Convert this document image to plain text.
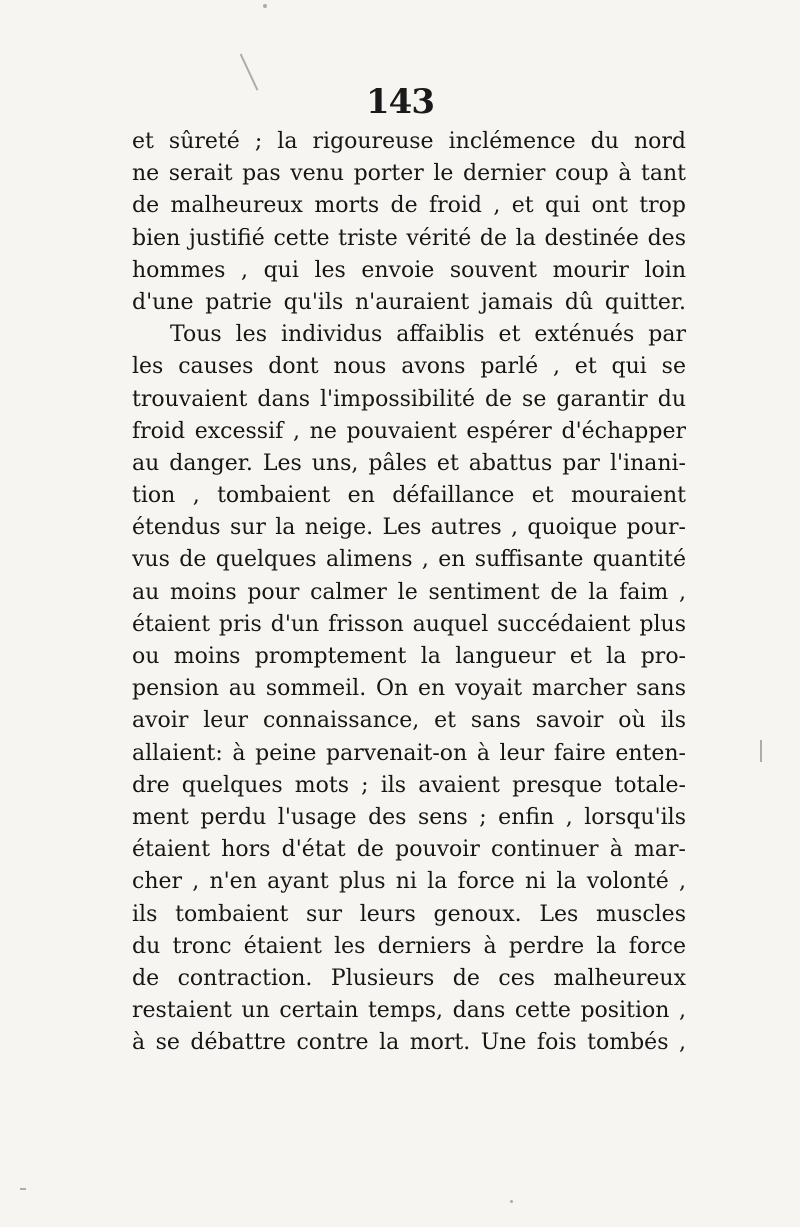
143
et sûreté ; la rigoureuse inclémence du nord
ne serait pas venu porter le dernier coup à tant
de malheureux morts de froid , et qui ont trop
bien justifié cette triste vérité de la destinée des
hommes , qui les envoie souvent mourir loin
d'une patrie qu'ils n'auraient jamais dû quitter.
Tous les individus affaiblis et exténués par
les causes dont nous avons parlé , et qui se
trouvaient dans l'impossibilité de se garantir du
froid excessif , ne pouvaient espérer d'échapper
au danger. Les uns, pâles et abattus par l'inani-
tion , tombaient en défaillance et mouraient
étendus sur la neige. Les autres , quoique pour-
vus de quelques alimens , en suffisante quantité
au moins pour calmer le sentiment de la faim ,
étaient pris d'un frisson auquel succédaient plus
ou moins promptement la langueur et la pro-
pension au sommeil. On en voyait marcher sans
avoir leur connaissance, et sans savoir où ils
allaient: à peine parvenait-on à leur faire enten-
dre quelques mots ; ils avaient presque totale-
ment perdu l'usage des sens ; enfin , lorsqu'ils
étaient hors d'état de pouvoir continuer à mar-
cher , n'en ayant plus ni la force ni la volonté ,
ils tombaient sur leurs genoux. Les muscles
du tronc étaient les derniers à perdre la force
de contraction. Plusieurs de ces malheureux
restaient un certain temps, dans cette position ,
à se débattre contre la mort. Une fois tombés ,
